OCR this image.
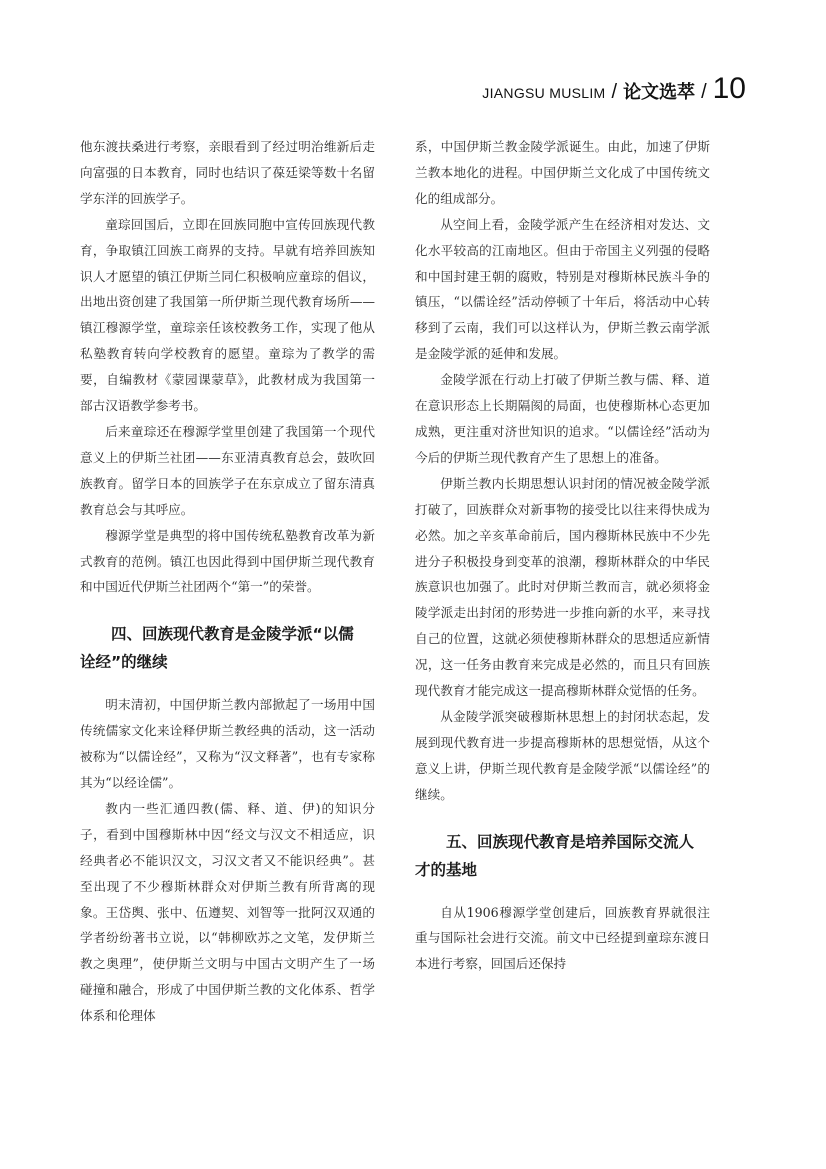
JIANGSU MUSLIM / 论文选萃 / 10

他东渡扶桑进行考察，亲眼看到了经过明治维新后走向富强的日本教育，同时也结识了葆廷梁等数十名留学东洋的回族学子。

童琮回国后，立即在回族同胞中宣传回族现代教育，争取镇江回族工商界的支持。早就有培养回族知识人才愿望的镇江伊斯兰同仁积极响应童琮的倡议，出地出资创建了我国第一所伊斯兰现代教育场所——镇江穆源学堂，童琮亲任该校教务工作，实现了他从私塾教育转向学校教育的愿望。童琮为了教学的需要，自编教材《蒙园课蒙草》，此教材成为我国第一部古汉语教学参考书。

后来童琮还在穆源学堂里创建了我国第一个现代意义上的伊斯兰社团——东亚清真教育总会，鼓吹回族教育。留学日本的回族学子在东京成立了留东清真教育总会与其呼应。

穆源学堂是典型的将中国传统私塾教育改革为新式教育的范例。镇江也因此得到中国伊斯兰现代教育和中国近代伊斯兰社团两个“第一”的荣誉。

四、回族现代教育是金陵学派“以儒
诠经”的继续

明末清初，中国伊斯兰教内部掀起了一场用中国传统儒家文化来诠释伊斯兰教经典的活动，这一活动被称为“以儒诠经”，又称为“汉文释著”，也有专家称其为“以经诠儒”。

教内一些汇通四教(儒、释、道、伊)的知识分子，看到中国穆斯林中因“经文与汉文不相适应，识经典者必不能识汉文，习汉文者又不能识经典”。甚至出现了不少穆斯林群众对伊斯兰教有所背离的现象。王岱舆、张中、伍遵契、刘智等一批阿汉双通的学者纷纷著书立说，以“韩柳欧苏之文笔，发伊斯兰教之奥理”，使伊斯兰文明与中国古文明产生了一场碰撞和融合，形成了中国伊斯兰教的文化体系、哲学体系和伦理体

系，中国伊斯兰教金陵学派诞生。由此，加速了伊斯兰教本地化的进程。中国伊斯兰文化成了中国传统文化的组成部分。

从空间上看，金陵学派产生在经济相对发达、文化水平较高的江南地区。但由于帝国主义列强的侵略和中国封建王朝的腐败，特别是对穆斯林民族斗争的镇压，“以儒诠经”活动停顿了十年后，将活动中心转移到了云南，我们可以这样认为，伊斯兰教云南学派是金陵学派的延伸和发展。

金陵学派在行动上打破了伊斯兰教与儒、释、道在意识形态上长期隔阂的局面，也使穆斯林心态更加成熟，更注重对济世知识的追求。“以儒诠经”活动为今后的伊斯兰现代教育产生了思想上的准备。

伊斯兰教内长期思想认识封闭的情况被金陵学派打破了，回族群众对新事物的接受比以往来得快成为必然。加之辛亥革命前后，国内穆斯林民族中不少先进分子积极投身到变革的浪潮，穆斯林群众的中华民族意识也加强了。此时对伊斯兰教而言，就必须将金陵学派走出封闭的形势进一步推向新的水平，来寻找自己的位置，这就必须使穆斯林群众的思想适应新情况，这一任务由教育来完成是必然的，而且只有回族现代教育才能完成这一提高穆斯林群众觉悟的任务。

从金陵学派突破穆斯林思想上的封闭状态起，发展到现代教育进一步提高穆斯林的思想觉悟，从这个意义上讲，伊斯兰现代教育是金陵学派“以儒诠经”的继续。

五、回族现代教育是培养国际交流人
才的基地

自从1906穆源学堂创建后，回族教育界就很注重与国际社会进行交流。前文中已经提到童琮东渡日本进行考察，回国后还保持
